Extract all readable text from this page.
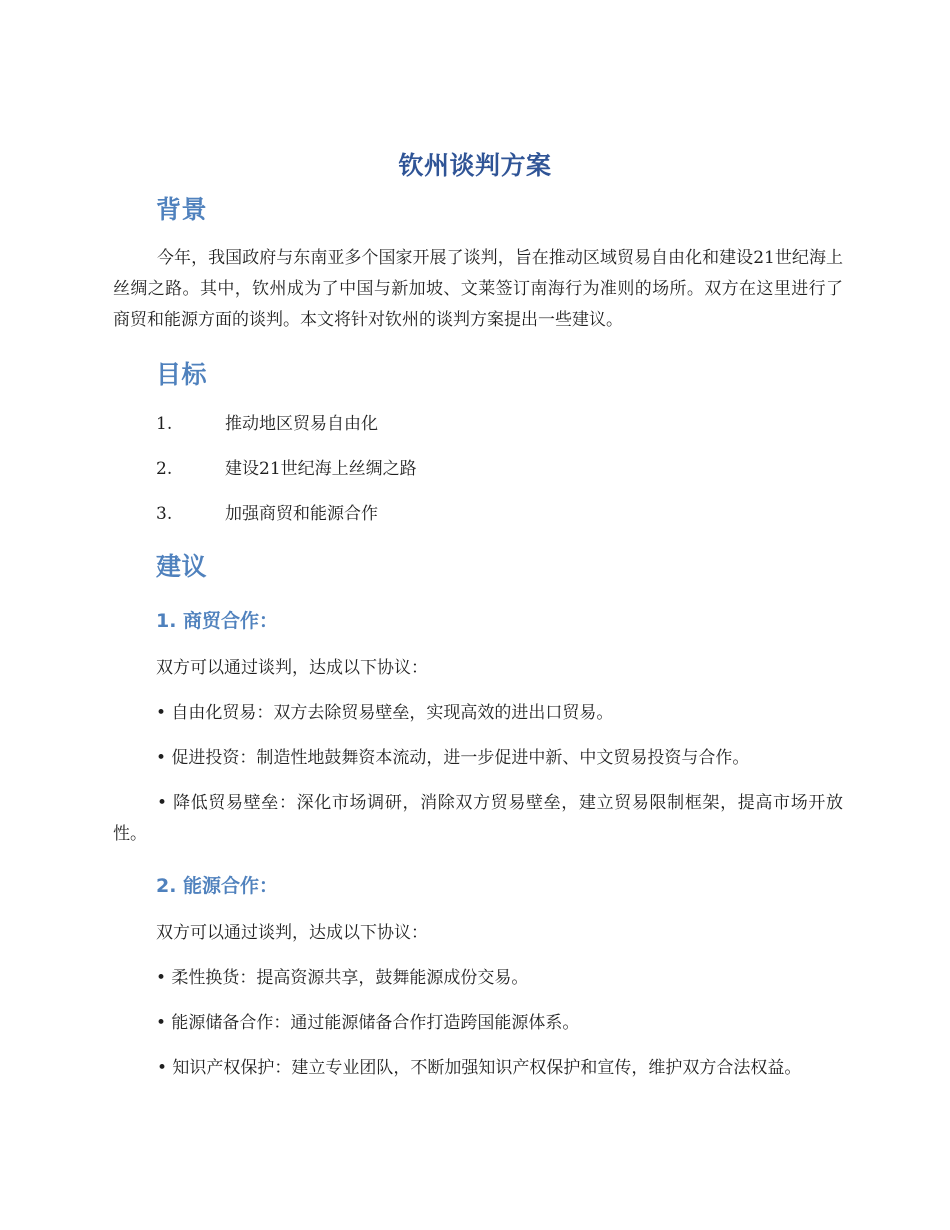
钦州谈判方案
背景
今年，我国政府与东南亚多个国家开展了谈判，旨在推动区域贸易自由化和建设21世纪海上丝绸之路。其中，钦州成为了中国与新加坡、文莱签订南海行为准则的场所。双方在这里进行了商贸和能源方面的谈判。本文将针对钦州的谈判方案提出一些建议。
目标
1.	推动地区贸易自由化
2.	建设21世纪海上丝绸之路
3.	加强商贸和能源合作
建议
1. 商贸合作：
双方可以通过谈判，达成以下协议：
• 自由化贸易：双方去除贸易壁垒，实现高效的进出口贸易。
• 促进投资：制造性地鼓舞资本流动，进一步促进中新、中文贸易投资与合作。
• 降低贸易壁垒：深化市场调研，消除双方贸易壁垒，建立贸易限制框架，提高市场开放性。
2. 能源合作：
双方可以通过谈判，达成以下协议：
• 柔性换货：提高资源共享，鼓舞能源成份交易。
• 能源储备合作：通过能源储备合作打造跨国能源体系。
• 知识产权保护：建立专业团队，不断加强知识产权保护和宣传，维护双方合法权益。
